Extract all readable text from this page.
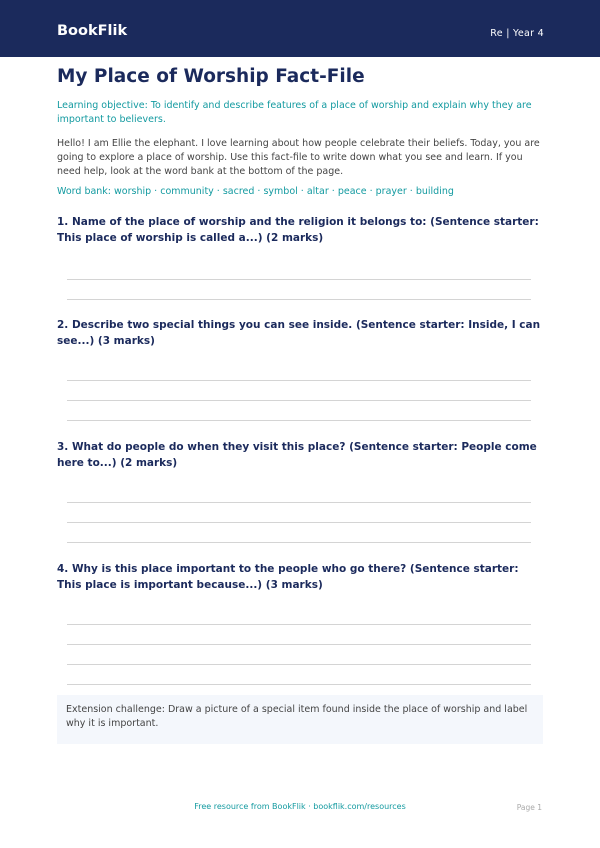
BookFlik	Re | Year 4
My Place of Worship Fact-File
Learning objective: To identify and describe features of a place of worship and explain why they are important to believers.
Hello! I am Ellie the elephant. I love learning about how people celebrate their beliefs. Today, you are going to explore a place of worship. Use this fact-file to write down what you see and learn. If you need help, look at the word bank at the bottom of the page.
Word bank: worship · community · sacred · symbol · altar · peace · prayer · building
1. Name of the place of worship and the religion it belongs to: (Sentence starter: This place of worship is called a...) (2 marks)
2. Describe two special things you can see inside. (Sentence starter: Inside, I can see...) (3 marks)
3. What do people do when they visit this place? (Sentence starter: People come here to...) (2 marks)
4. Why is this place important to the people who go there? (Sentence starter: This place is important because...) (3 marks)
Extension challenge: Draw a picture of a special item found inside the place of worship and label why it is important.
Free resource from BookFlik · bookflik.com/resources	Page 1
